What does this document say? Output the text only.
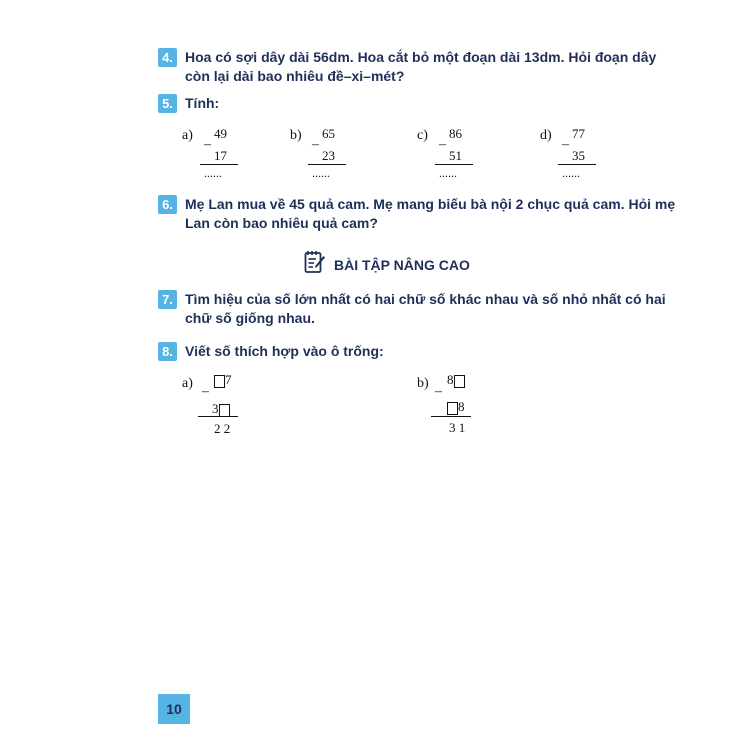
4. Hoa có sợi dây dài 56dm. Hoa cắt bỏ một đoạn dài 13dm. Hỏi đoạn dây
còn lại dài bao nhiêu đề–xi–mét?
5. Tính:
a)
–
49
17
......
b)
–
65
23
......
c)
–
86
51
......
d)
–
77
35
......
6. Mẹ Lan mua về 45 quả cam. Mẹ mang biếu bà nội 2 chục quả cam. Hỏi mẹ
Lan còn bao nhiêu quả cam?
BÀI TẬP NÂNG CAO
7. Tìm hiệu của số lớn nhất có hai chữ số khác nhau và số nhỏ nhất có hai
chữ số giống nhau.
8. Viết số thích hợp vào ô trống:
a)	7
–
3
2 2
b) 8
–
8
3 1
10
